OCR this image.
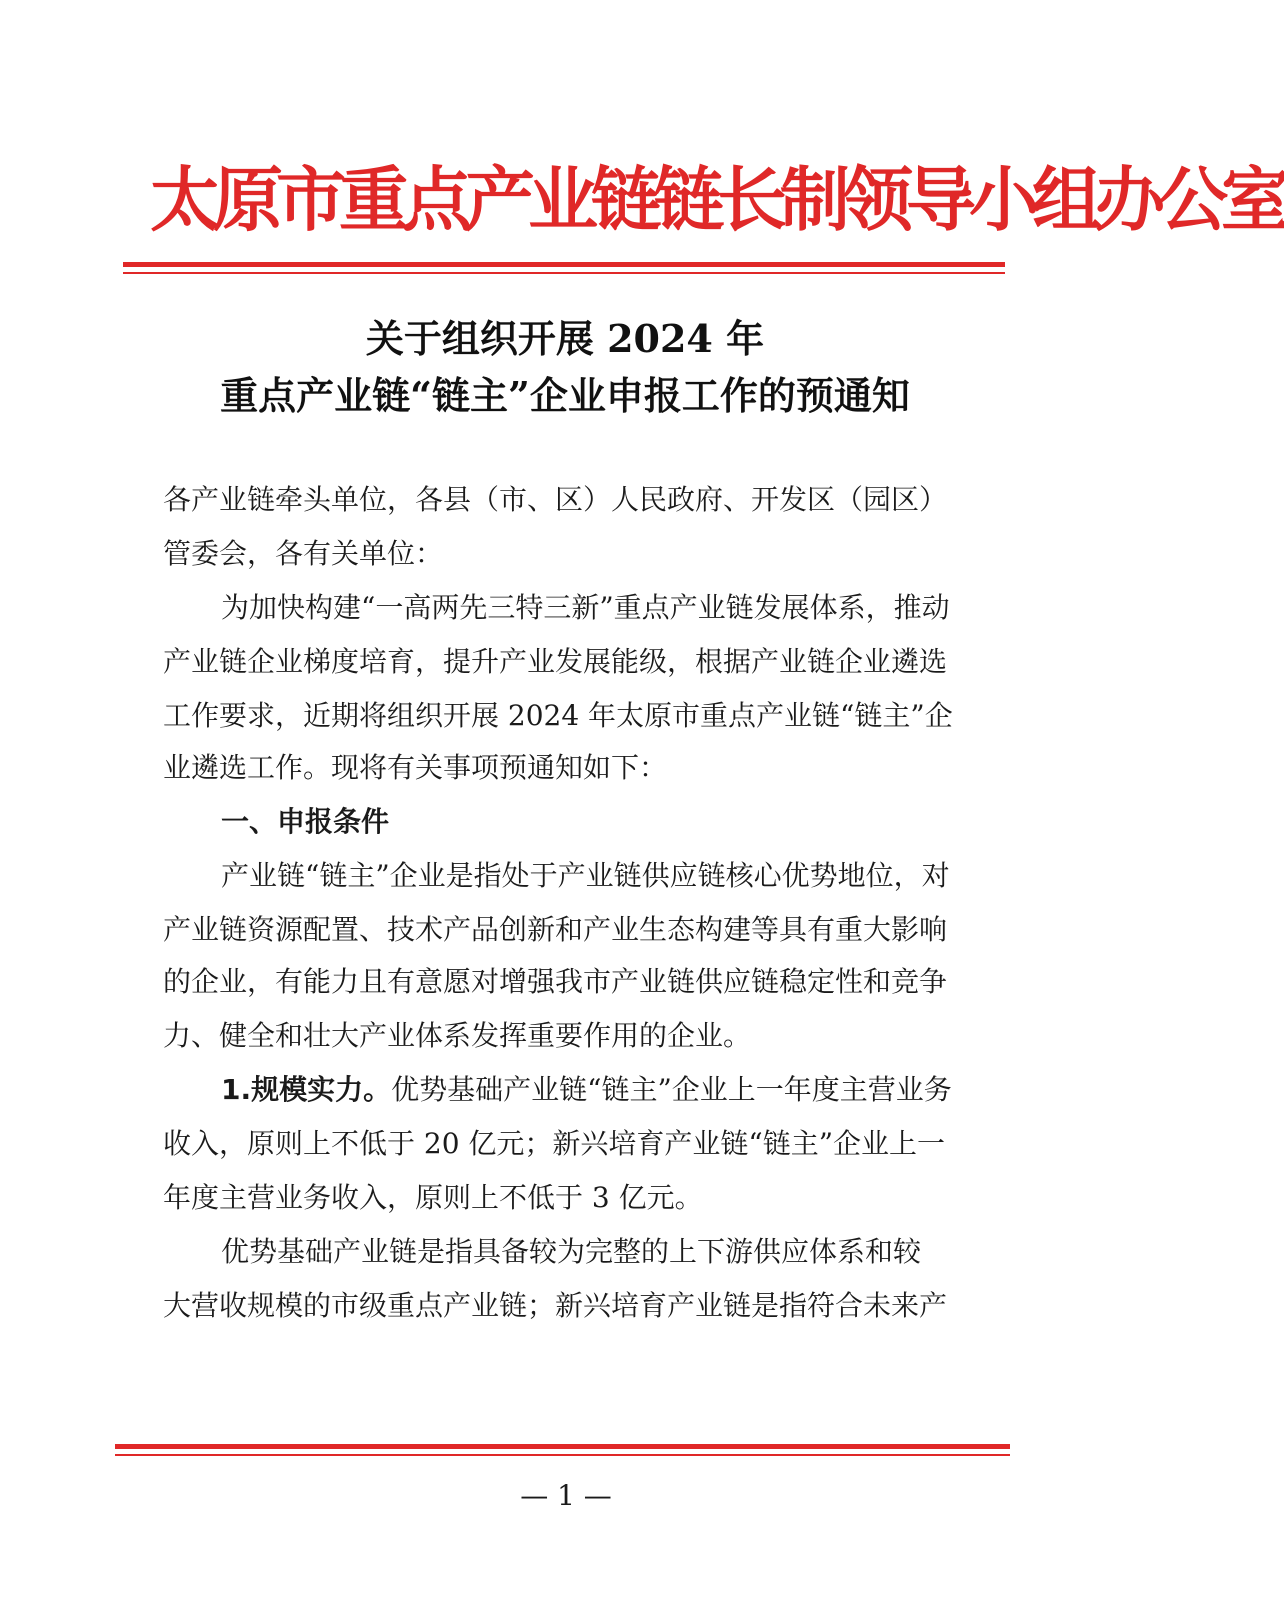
太原市重点产业链链长制领导小组办公室
关于组织开展 2024 年
重点产业链“链主”企业申报工作的预通知
各产业链牵头单位，各县（市、区）人民政府、开发区（园区）
管委会，各有关单位：
为加快构建“一高两先三特三新”重点产业链发展体系，推动
产业链企业梯度培育，提升产业发展能级，根据产业链企业遴选
工作要求，近期将组织开展 2024 年太原市重点产业链“链主”企
业遴选工作。现将有关事项预通知如下：
一、申报条件
产业链“链主”企业是指处于产业链供应链核心优势地位，对
产业链资源配置、技术产品创新和产业生态构建等具有重大影响
的企业，有能力且有意愿对增强我市产业链供应链稳定性和竞争
力、健全和壮大产业体系发挥重要作用的企业。
1.规模实力。优势基础产业链“链主”企业上一年度主营业务
收入，原则上不低于 20 亿元；新兴培育产业链“链主”企业上一
年度主营业务收入，原则上不低于 3 亿元。
优势基础产业链是指具备较为完整的上下游供应体系和较
大营收规模的市级重点产业链；新兴培育产业链是指符合未来产
— 1 —
